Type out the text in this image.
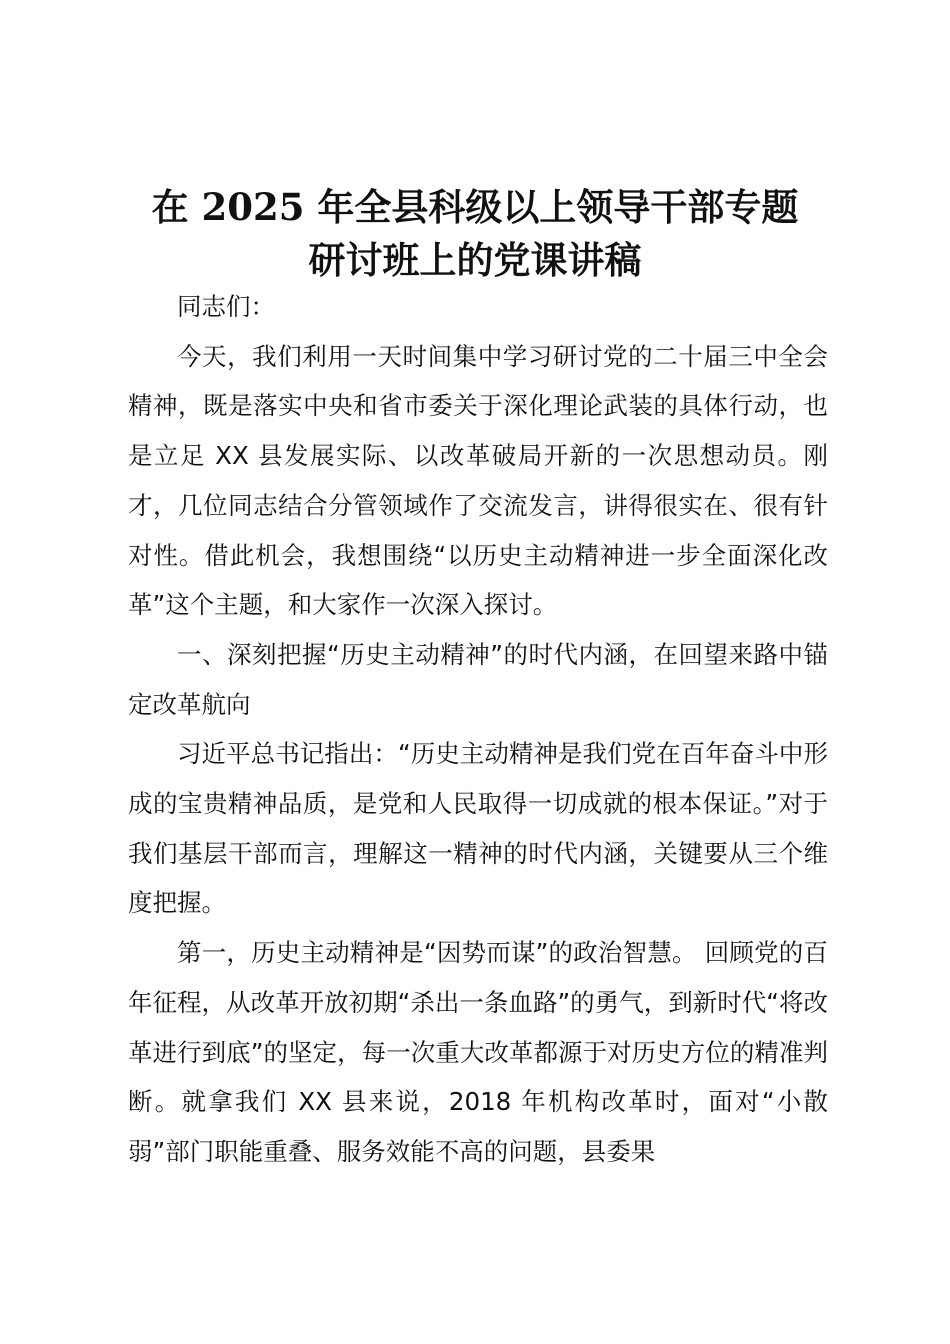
在 2025 年全县科级以上领导干部专题
研讨班上的党课讲稿

同志们：

今天，我们利用一天时间集中学习研讨党的二十届三中全会精神，既是落实中央和省市委关于深化理论武装的具体行动，也是立足 XX 县发展实际、以改革破局开新的一次思想动员。刚才，几位同志结合分管领域作了交流发言，讲得很实在、很有针对性。借此机会，我想围绕“以历史主动精神进一步全面深化改革”这个主题，和大家作一次深入探讨。

一、深刻把握“历史主动精神”的时代内涵，在回望来路中锚定改革航向

习近平总书记指出：“历史主动精神是我们党在百年奋斗中形成的宝贵精神品质，是党和人民取得一切成就的根本保证。”对于我们基层干部而言，理解这一精神的时代内涵，关键要从三个维度把握。

第一，历史主动精神是“因势而谋”的政治智慧。 回顾党的百年征程，从改革开放初期“杀出一条血路”的勇气，到新时代“将改革进行到底”的坚定，每一次重大改革都源于对历史方位的精准判断。就拿我们 XX 县来说，2018 年机构改革时，面对“小散弱”部门职能重叠、服务效能不高的问题，县委果
